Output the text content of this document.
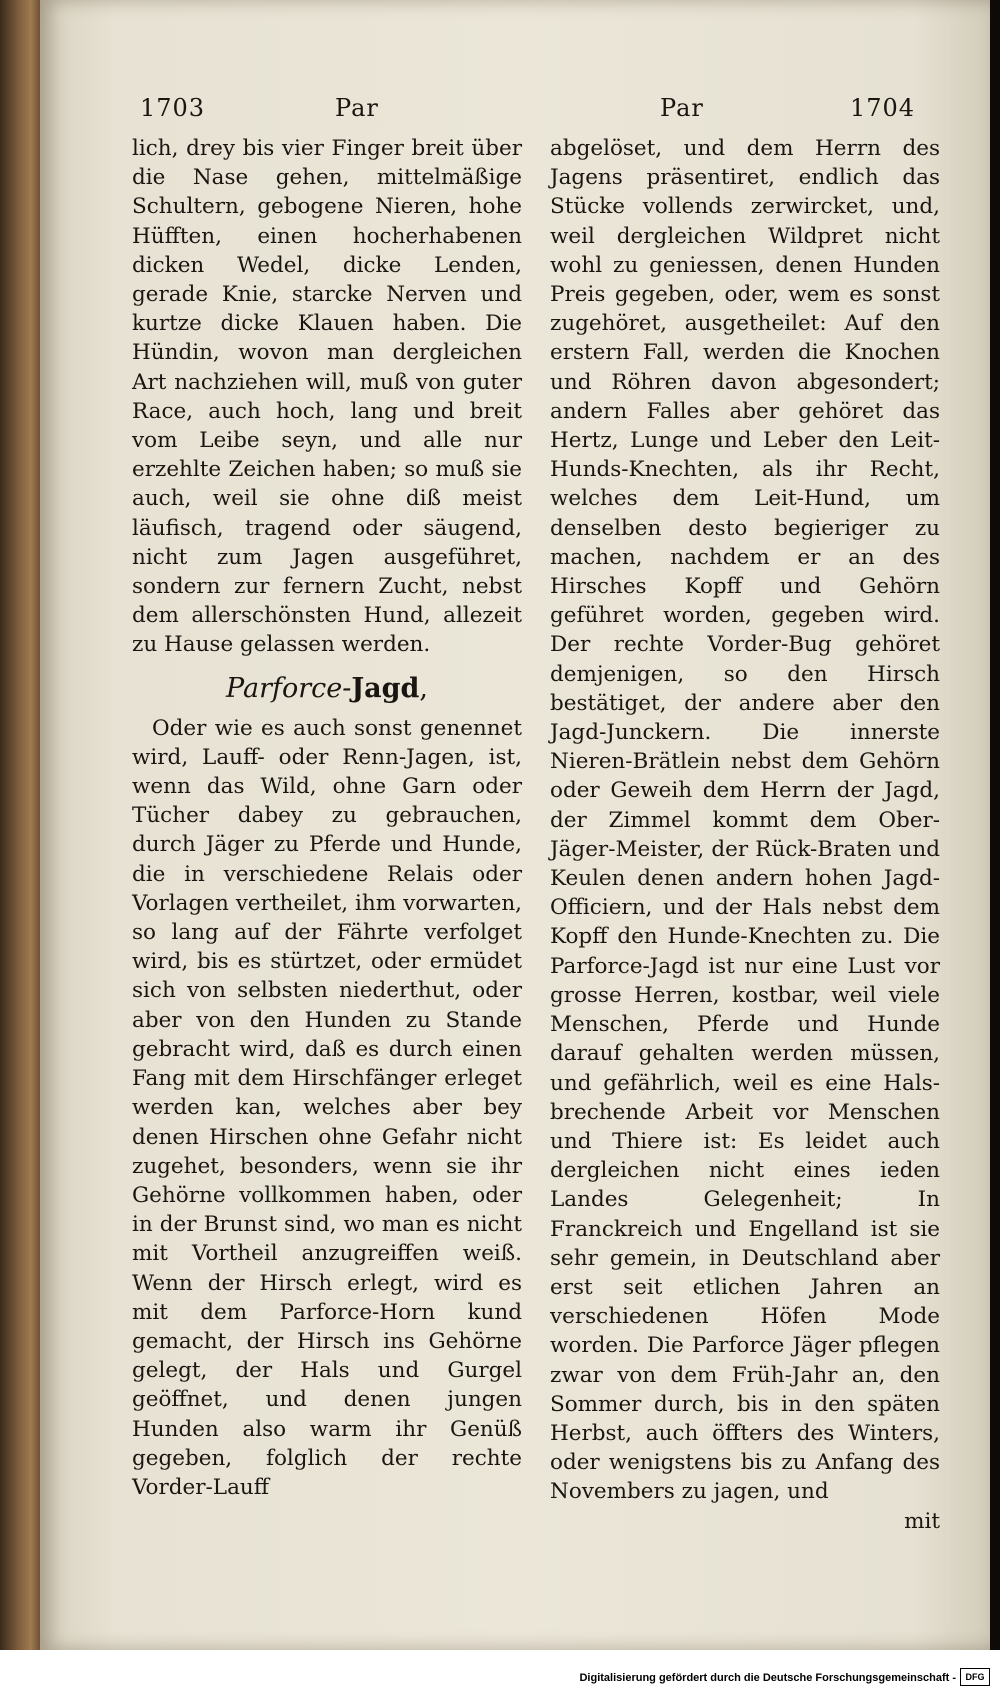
1703	Par	Par	1704

lich, drey bis vier Finger breit über die Nase gehen, mittelmäßige Schultern, gebogene Nieren, hohe Hüfften, einen hocherhabenen dicken Wedel, dicke Lenden, gerade Knie, starcke Nerven und kurtze dicke Klauen haben. Die Hündin, wovon man dergleichen Art nachziehen will, muß von guter Race, auch hoch, lang und breit vom Leibe seyn, und alle nur erzehlte Zeichen haben; so muß sie auch, weil sie ohne diß meist läufisch, tragend oder säugend, nicht zum Jagen ausgeführet, sondern zur fernern Zucht, nebst dem allerschönsten Hund, allezeit zu Hause gelassen werden.

Parforce-Jagd,

Oder wie es auch sonst genennet wird, Lauff- oder Renn-Jagen, ist, wenn das Wild, ohne Garn oder Tücher dabey zu gebrauchen, durch Jäger zu Pferde und Hunde, die in verschiedene Relais oder Vorlagen vertheilet, ihm vorwarten, so lang auf der Fährte verfolget wird, bis es stürtzet, oder ermüdet sich von selbsten niederthut, oder aber von den Hunden zu Stande gebracht wird, daß es durch einen Fang mit dem Hirschfänger erleget werden kan, welches aber bey denen Hirschen ohne Gefahr nicht zugehet, besonders, wenn sie ihr Gehörne vollkommen haben, oder in der Brunst sind, wo man es nicht mit Vortheil anzugreiffen weiß. Wenn der Hirsch erlegt, wird es mit dem Parforce-Horn kund gemacht, der Hirsch ins Gehörne gelegt, der Hals und Gurgel geöffnet, und denen jungen Hunden also warm ihr Genüß gegeben, folglich der rechte Vorder-Lauff

abgelöset, und dem Herrn des Jagens präsentiret, endlich das Stücke vollends zerwircket, und, weil dergleichen Wildpret nicht wohl zu geniessen, denen Hunden Preis gegeben, oder, wem es sonst zugehöret, ausgetheilet: Auf den erstern Fall, werden die Knochen und Röhren davon abgesondert; andern Falles aber gehöret das Hertz, Lunge und Leber den Leit-Hunds-Knechten, als ihr Recht, welches dem Leit-Hund, um denselben desto begieriger zu machen, nachdem er an des Hirsches Kopff und Gehörn geführet worden, gegeben wird. Der rechte Vorder-Bug gehöret demjenigen, so den Hirsch bestätiget, der andere aber den Jagd-Junckern. Die innerste Nieren-Brätlein nebst dem Gehörn oder Geweih dem Herrn der Jagd, der Zimmel kommt dem Ober-Jäger-Meister, der Rück-Braten und Keulen denen andern hohen Jagd-Officiern, und der Hals nebst dem Kopff den Hunde-Knechten zu. Die Parforce-Jagd ist nur eine Lust vor grosse Herren, kostbar, weil viele Menschen, Pferde und Hunde darauf gehalten werden müssen, und gefährlich, weil es eine Hals-brechende Arbeit vor Menschen und Thiere ist: Es leidet auch dergleichen nicht eines ieden Landes Gelegenheit; In Franckreich und Engelland ist sie sehr gemein, in Deutschland aber erst seit etlichen Jahren an verschiedenen Höfen Mode worden. Die Parforce Jäger pflegen zwar von dem Früh-Jahr an, den Sommer durch, bis in den späten Herbst, auch öffters des Winters, oder wenigstens bis zu Anfang des Novembers zu jagen, und

mit

Digitalisierung gefördert durch die Deutsche Forschungsgemeinschaft -	DFG
